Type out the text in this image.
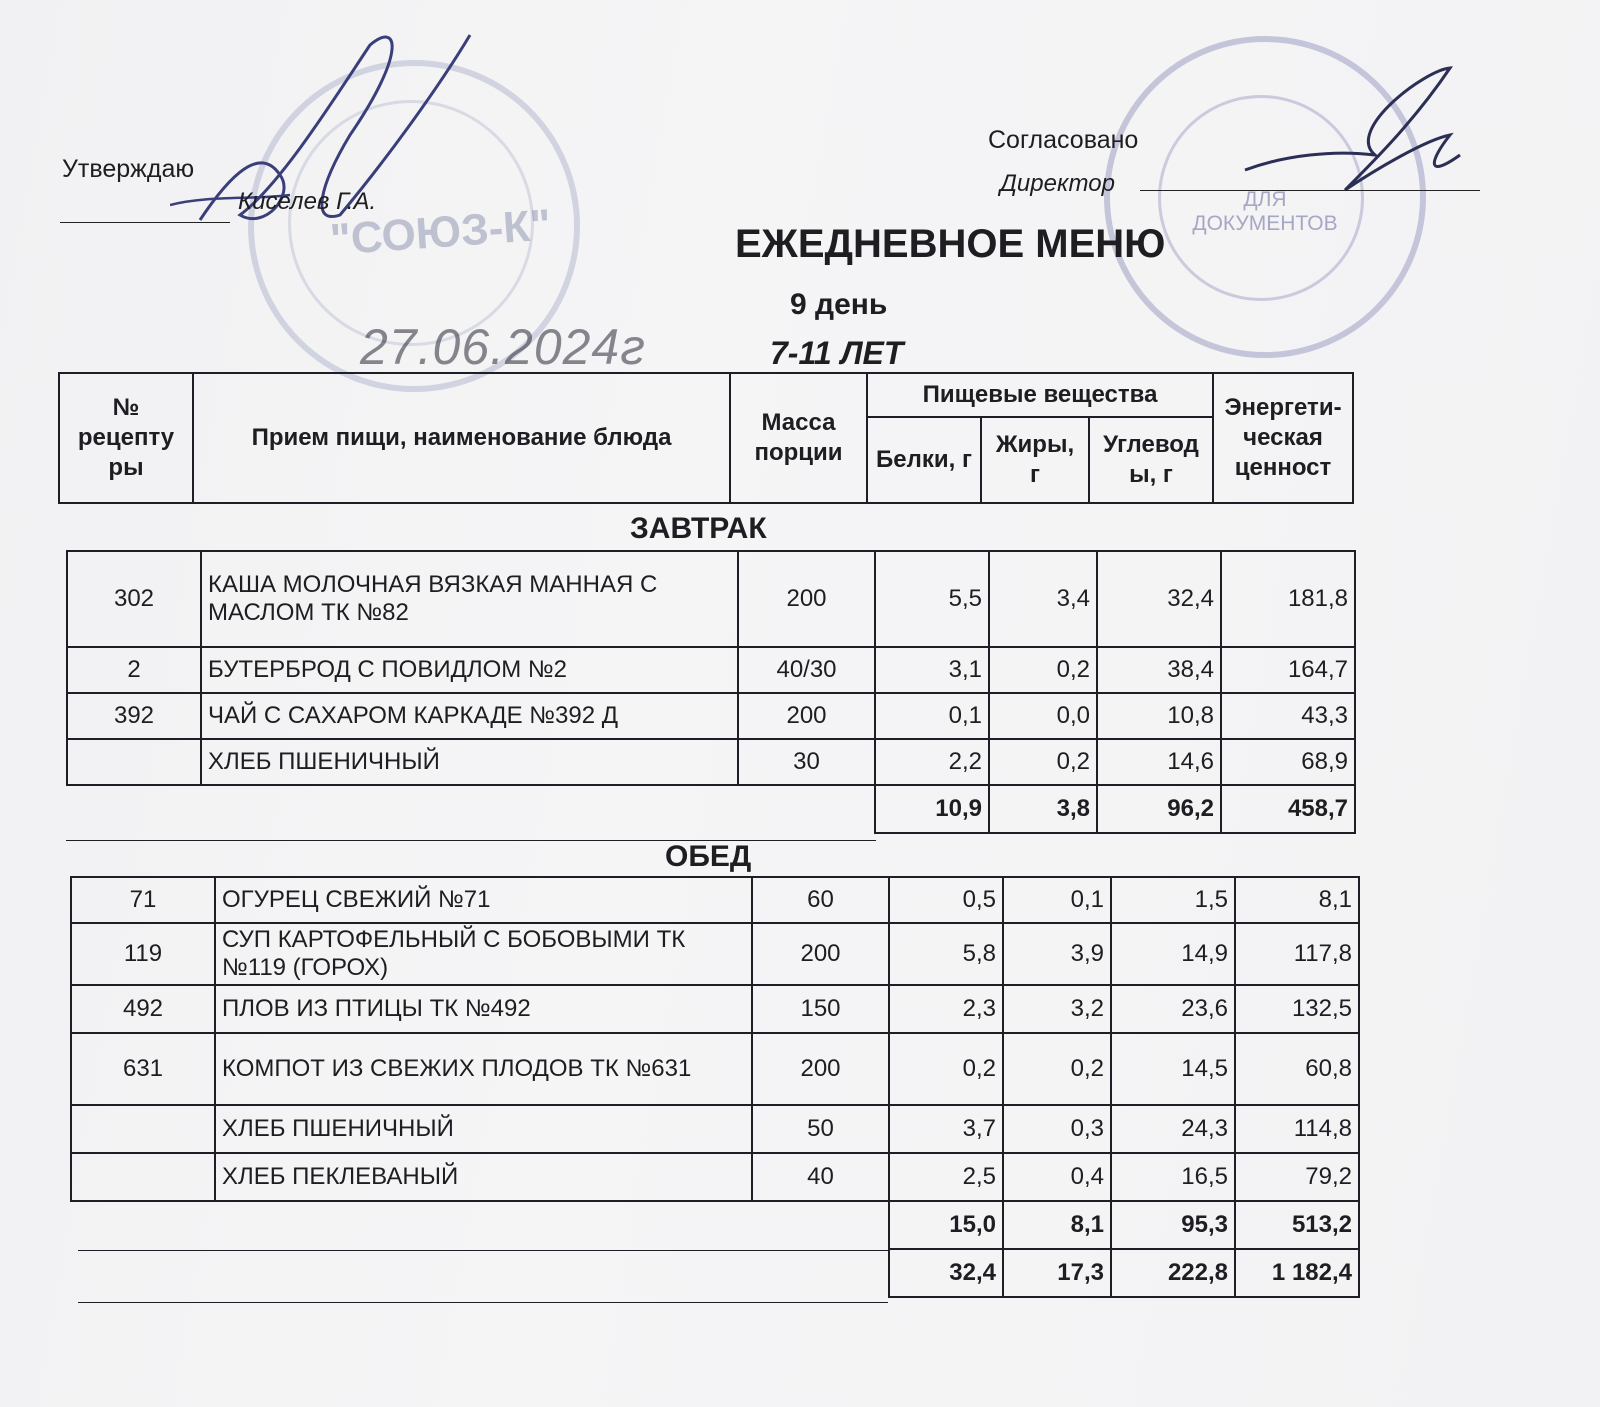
"СОЮЗ-К"
ДЛЯ ДОКУМЕНТОВ
Утверждаю
Киселев Г.А.
Согласовано
Директор
ЕЖЕДНЕВНОЕ МЕНЮ
9 день
7-11 ЛЕТ
27.06.2024г
№ рецепту ры	Прием пищи, наименование блюда	Масса порции	Пищевые вещества			Энергети- ческая ценност
			Белки, г	Жиры, г	Углевод ы, г	
ЗАВТРАК
302	КАША МОЛОЧНАЯ ВЯЗКАЯ МАННАЯ С МАСЛОМ ТК №82	200	5,5	3,4	32,4	181,8
2	БУТЕРБРОД С ПОВИДЛОМ №2	40/30	3,1	0,2	38,4	164,7
392	ЧАЙ С САХАРОМ КАРКАДЕ №392 Д	200	0,1	0,0	10,8	43,3
	ХЛЕБ ПШЕНИЧНЫЙ	30	2,2	0,2	14,6	68,9
			10,9	3,8	96,2	458,7
ОБЕД
71	ОГУРЕЦ СВЕЖИЙ №71	60	0,5	0,1	1,5	8,1
119	СУП КАРТОФЕЛЬНЫЙ С БОБОВЫМИ ТК №119 (ГОРОХ)	200	5,8	3,9	14,9	117,8
492	ПЛОВ ИЗ ПТИЦЫ ТК №492	150	2,3	3,2	23,6	132,5
631	КОМПОТ ИЗ СВЕЖИХ ПЛОДОВ ТК №631	200	0,2	0,2	14,5	60,8
	ХЛЕБ ПШЕНИЧНЫЙ	50	3,7	0,3	24,3	114,8
	ХЛЕБ ПЕКЛЕВАНЫЙ	40	2,5	0,4	16,5	79,2
			15,0	8,1	95,3	513,2
			32,4	17,3	222,8	1 182,4
